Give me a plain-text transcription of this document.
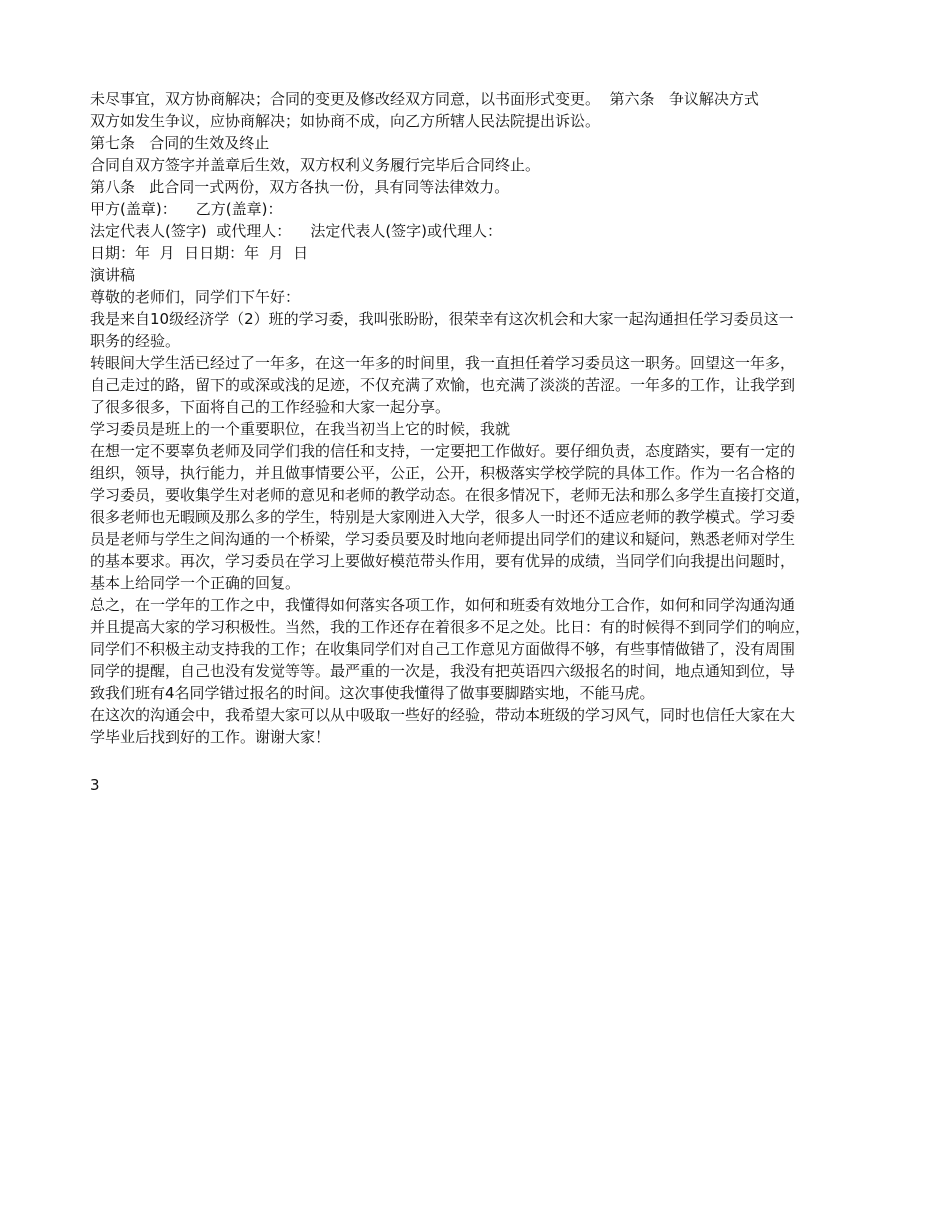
未尽事宜，双方协商解决；合同的变更及修改经双方同意，以书面形式变更。  第六条   争议解决方式
双方如发生争议，应协商解决；如协商不成，向乙方所辖人民法院提出诉讼。
第七条   合同的生效及终止
合同自双方签字并盖章后生效，双方权利义务履行完毕后合同终止。
第八条   此合同一式两份，双方各执一份，具有同等法律效力。
甲方(盖章)：    乙方(盖章)：
法定代表人(签字)  或代理人：    法定代表人(签字)或代理人：
日期：年  月  日日期：年  月  日
演讲稿
尊敬的老师们，同学们下午好：
我是来自10级经济学（2）班的学习委，我叫张盼盼，很荣幸有这次机会和大家一起沟通担任学习委员这一
职务的经验。
转眼间大学生活已经过了一年多，在这一年多的时间里，我一直担任着学习委员这一职务。回望这一年多，
自己走过的路，留下的或深或浅的足迹，不仅充满了欢愉，也充满了淡淡的苦涩。一年多的工作，让我学到
了很多很多，下面将自己的工作经验和大家一起分享。
学习委员是班上的一个重要职位，在我当初当上它的时候，我就
在想一定不要辜负老师及同学们我的信任和支持，一定要把工作做好。要仔细负责，态度踏实，要有一定的
组织，领导，执行能力，并且做事情要公平，公正，公开，积极落实学校学院的具体工作。作为一名合格的
学习委员，要收集学生对老师的意见和老师的教学动态。在很多情况下，老师无法和那么多学生直接打交道，
很多老师也无暇顾及那么多的学生，特别是大家刚进入大学，很多人一时还不适应老师的教学模式。学习委
员是老师与学生之间沟通的一个桥梁，学习委员要及时地向老师提出同学们的建议和疑问，熟悉老师对学生
的基本要求。再次，学习委员在学习上要做好模范带头作用，要有优异的成绩，当同学们向我提出问题时，
基本上给同学一个正确的回复。
总之，在一学年的工作之中，我懂得如何落实各项工作，如何和班委有效地分工合作，如何和同学沟通沟通
并且提高大家的学习积极性。当然，我的工作还存在着很多不足之处。比日：有的时候得不到同学们的响应，
同学们不积极主动支持我的工作；在收集同学们对自己工作意见方面做得不够，有些事情做错了，没有周围
同学的提醒，自己也没有发觉等等。最严重的一次是，我没有把英语四六级报名的时间，地点通知到位，导
致我们班有4名同学错过报名的时间。这次事使我懂得了做事要脚踏实地，不能马虎。
在这次的沟通会中，我希望大家可以从中吸取一些好的经验，带动本班级的学习风气，同时也信任大家在大
学毕业后找到好的工作。谢谢大家！
3
